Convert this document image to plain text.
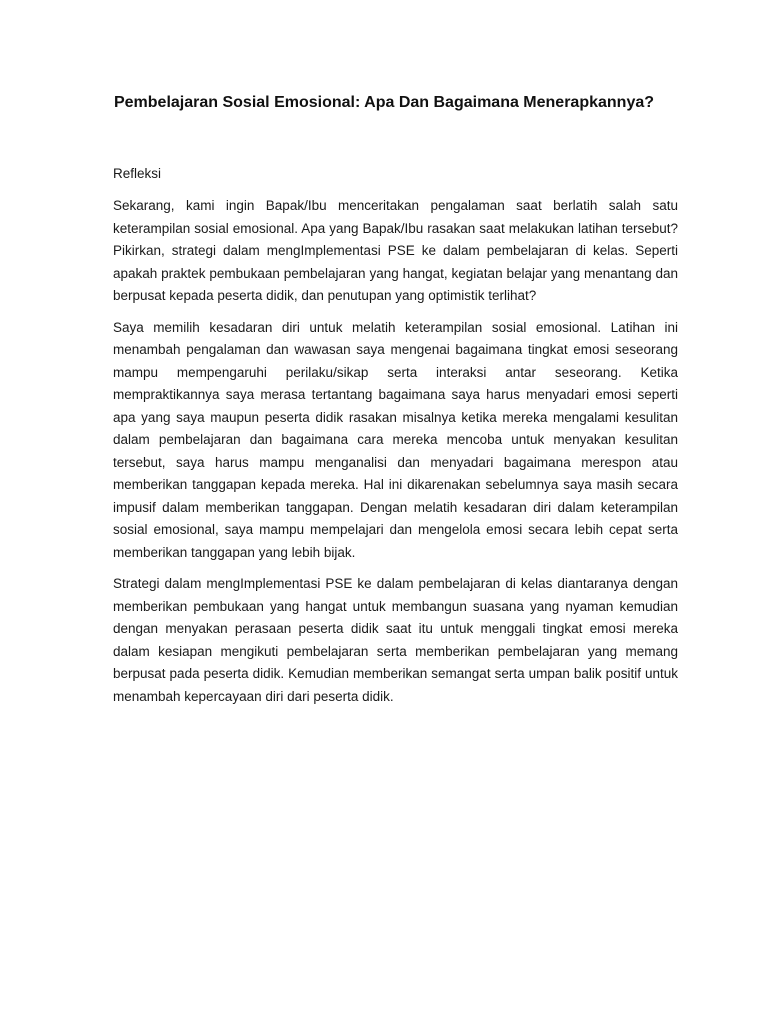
Pembelajaran Sosial Emosional: Apa Dan Bagaimana Menerapkannya?
Refleksi

Sekarang, kami ingin Bapak/Ibu menceritakan pengalaman saat berlatih salah satu keterampilan sosial emosional. Apa yang Bapak/Ibu rasakan saat melakukan latihan tersebut? Pikirkan, strategi dalam mengImplementasi PSE ke dalam pembelajaran di kelas. Seperti apakah praktek pembukaan pembelajaran yang hangat, kegiatan belajar yang menantang dan berpusat kepada peserta didik, dan penutupan yang optimistik terlihat?

Saya memilih kesadaran diri untuk melatih keterampilan sosial emosional. Latihan ini menambah pengalaman dan wawasan saya mengenai bagaimana tingkat emosi seseorang mampu mempengaruhi perilaku/sikap serta interaksi antar seseorang. Ketika mempraktikannya saya merasa tertantang bagaimana saya harus menyadari emosi seperti apa yang saya maupun peserta didik rasakan misalnya ketika mereka mengalami kesulitan dalam pembelajaran dan bagaimana cara mereka mencoba untuk menyakan kesulitan tersebut, saya harus mampu menganalisi dan menyadari bagaimana merespon atau memberikan tanggapan kepada mereka. Hal ini dikarenakan sebelumnya saya masih secara impusif dalam memberikan tanggapan. Dengan melatih kesadaran diri dalam keterampilan sosial emosional, saya mampu mempelajari dan mengelola emosi secara lebih cepat serta memberikan tanggapan yang lebih bijak.

Strategi dalam mengImplementasi PSE ke dalam pembelajaran di kelas diantaranya dengan memberikan pembukaan yang hangat untuk membangun suasana yang nyaman kemudian dengan menyakan perasaan peserta didik saat itu untuk menggali tingkat emosi mereka dalam kesiapan mengikuti pembelajaran serta memberikan pembelajaran yang memang berpusat pada peserta didik. Kemudian memberikan semangat serta umpan balik positif untuk menambah kepercayaan diri dari peserta didik.
